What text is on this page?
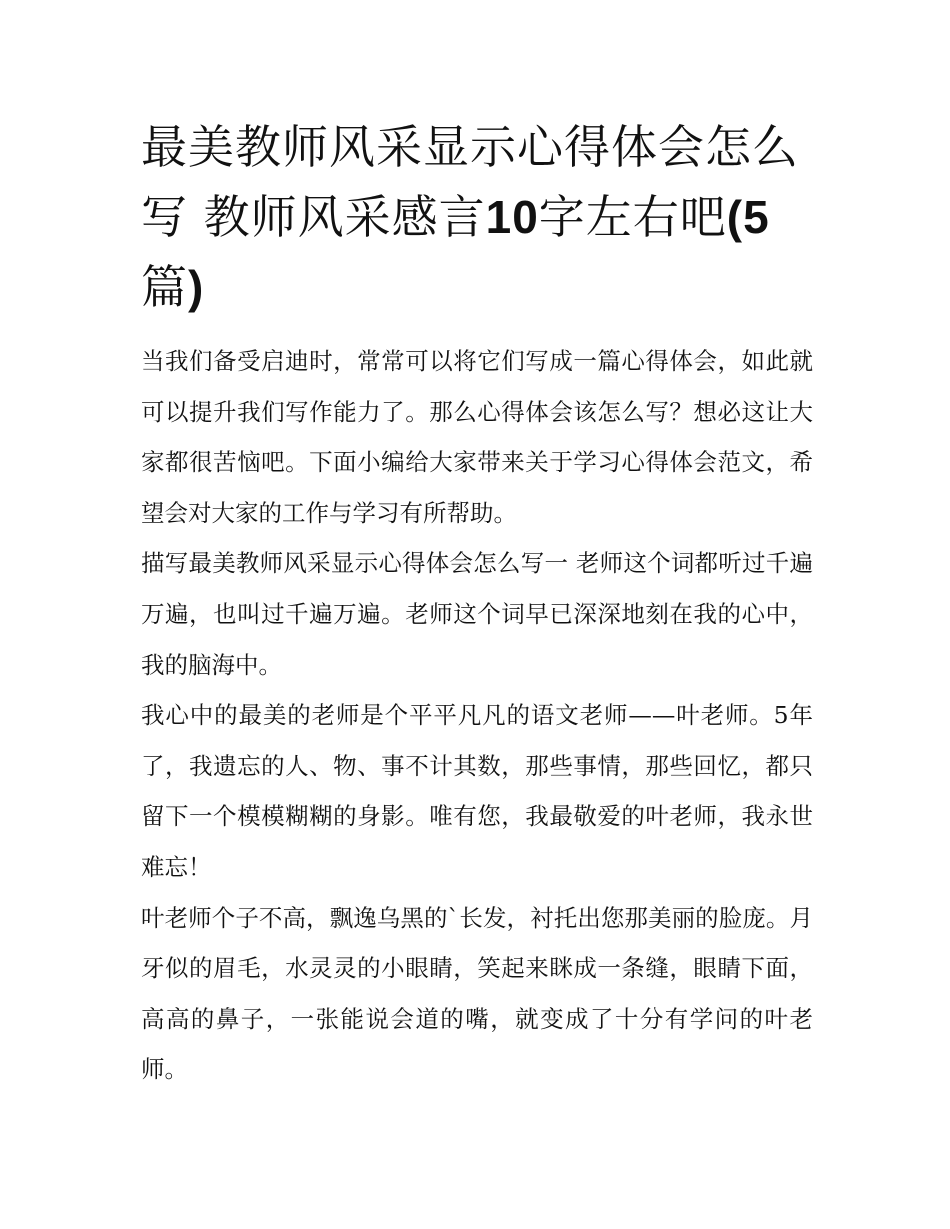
最美教师风采显示心得体会怎么写 教师风采感言10字左右吧(5篇)

当我们备受启迪时，常常可以将它们写成一篇心得体会，如此就可以提升我们写作能力了。那么心得体会该怎么写？想必这让大家都很苦恼吧。下面小编给大家带来关于学习心得体会范文，希望会对大家的工作与学习有所帮助。

描写最美教师风采显示心得体会怎么写一 老师这个词都听过千遍万遍，也叫过千遍万遍。老师这个词早已深深地刻在我的心中，我的脑海中。

我心中的最美的老师是个平平凡凡的语文老师——叶老师。5年了，我遗忘的人、物、事不计其数，那些事情，那些回忆，都只留下一个模模糊糊的身影。唯有您，我最敬爱的叶老师，我永世难忘！

叶老师个子不高，飘逸乌黑的`长发，衬托出您那美丽的脸庞。月牙似的眉毛，水灵灵的小眼睛，笑起来眯成一条缝，眼睛下面，高高的鼻子，一张能说会道的嘴，就变成了十分有学问的叶老师。
